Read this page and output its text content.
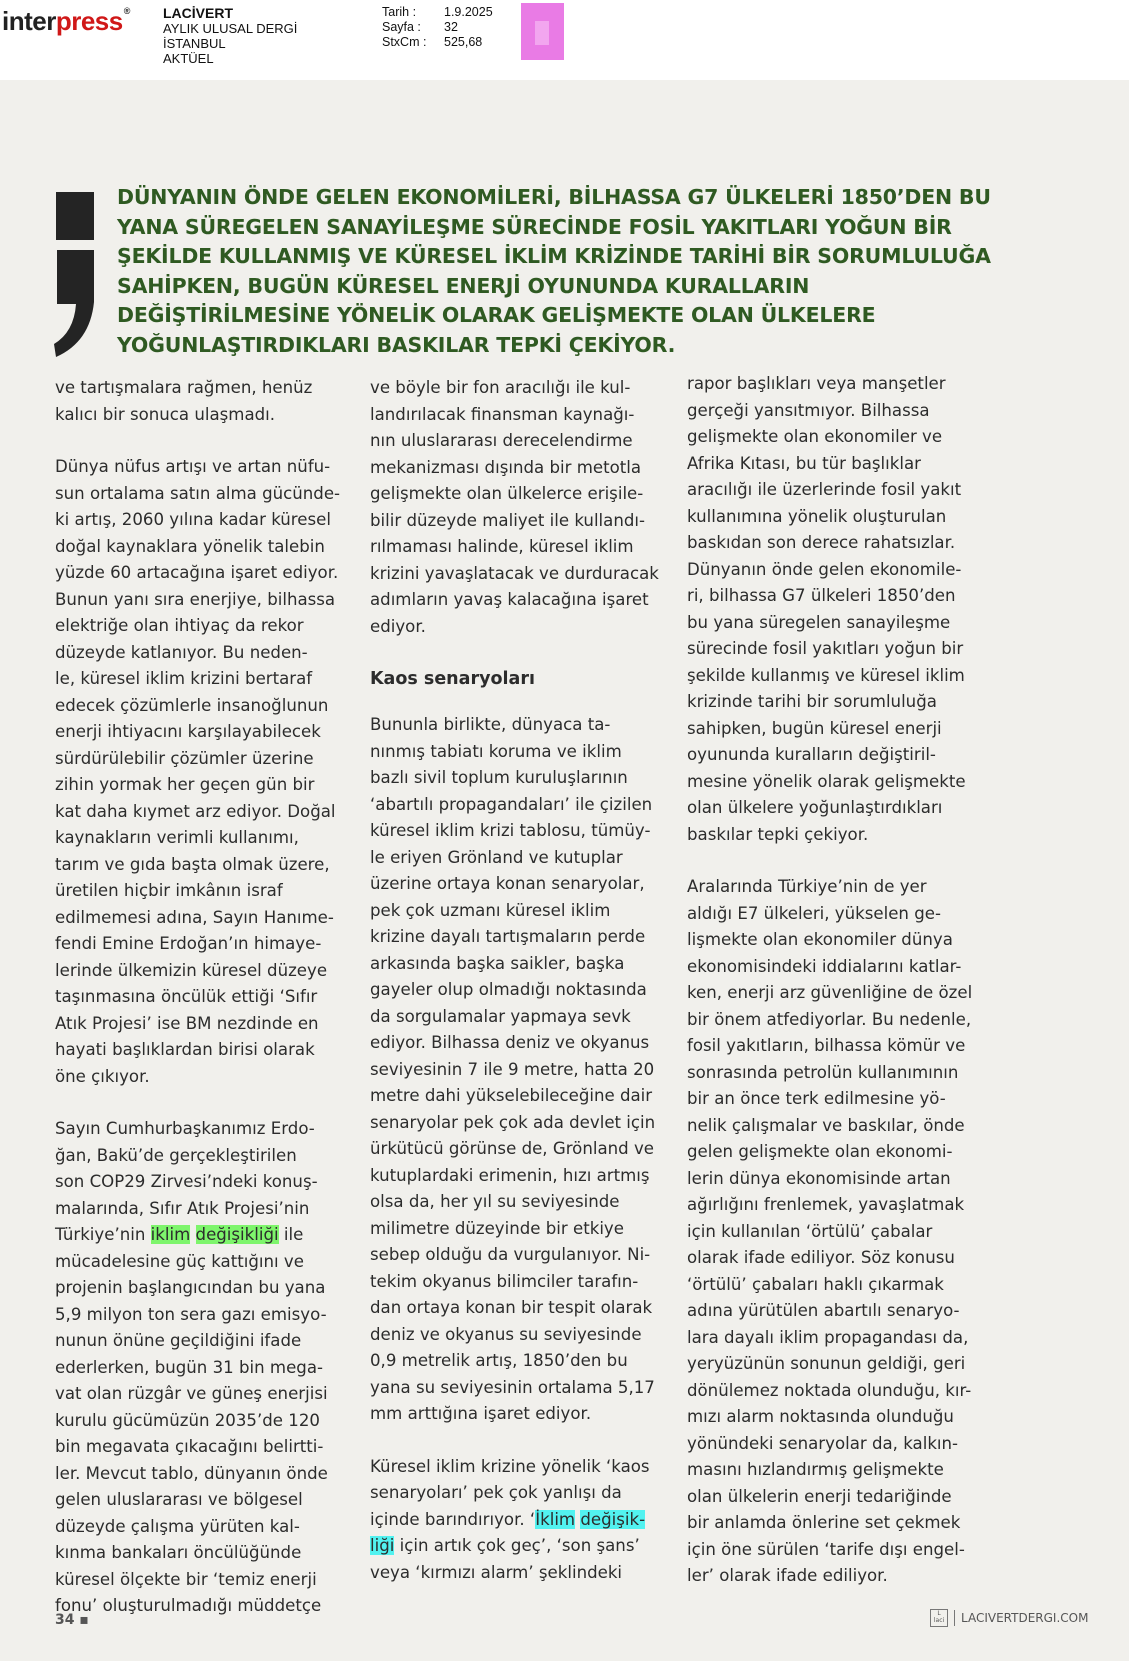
interpress® LACİVERT
AYLIK ULUSAL DERGİ
İSTANBUL
AKTÜEL
Tarih :	1.9.2025
Sayfa :	32
StxCm :	525,68
DÜNYANIN ÖNDE GELEN EKONOMİLERİ, BİLHASSA G7 ÜLKELERİ 1850’DEN BU YANA SÜREGELEN SANAYİLEŞME SÜRECİNDE FOSİL YAKITLARI YOĞUN BİR ŞEKİLDE KULLANMIŞ VE KÜRESEL İKLİM KRİZİNDE TARİHİ BİR SORUMLULUĞA SAHİPKEN, BUGÜN KÜRESEL ENERJİ OYUNUNDA KURALLARIN DEĞİŞTİRİLMESİNE YÖNELİK OLARAK GELİŞMEKTE OLAN ÜLKELERE YOĞUNLAŞTIRDIKLARI BASKILAR TEPKİ ÇEKİYOR.

ve tartışmalara rağmen, henüz
kalıcı bir sonuca ulaşmadı.

Dünya nüfus artışı ve artan nüfu-
sun ortalama satın alma gücünde-
ki artış, 2060 yılına kadar küresel
doğal kaynaklara yönelik talebin
yüzde 60 artacağına işaret ediyor.
Bunun yanı sıra enerjiye, bilhassa
elektriğe olan ihtiyaç da rekor
düzeyde katlanıyor. Bu neden-
le, küresel iklim krizini bertaraf
edecek çözümlerle insanoğlunun
enerji ihtiyacını karşılayabilecek
sürdürülebilir çözümler üzerine
zihin yormak her geçen gün bir
kat daha kıymet arz ediyor. Doğal
kaynakların verimli kullanımı,
tarım ve gıda başta olmak üzere,
üretilen hiçbir imkânın israf
edilmemesi adına, Sayın Hanıme-
fendi Emine Erdoğan’ın himaye-
lerinde ülkemizin küresel düzeye
taşınmasına öncülük ettiği ‘Sıfır
Atık Projesi’ ise BM nezdinde en
hayati başlıklardan birisi olarak
öne çıkıyor.

Sayın Cumhurbaşkanımız Erdo-
ğan, Bakü’de gerçekleştirilen
son COP29 Zirvesi’ndeki konuş-
malarında, Sıfır Atık Projesi’nin
Türkiye’nin iklim değişikliği ile
mücadelesine güç kattığını ve
projenin başlangıcından bu yana
5,9 milyon ton sera gazı emisyo-
nunun önüne geçildiğini ifade
ederlerken, bugün 31 bin mega-
vat olan rüzgâr ve güneş enerjisi
kurulu gücümüzün 2035’de 120
bin megavata çıkacağını belirtti-
ler. Mevcut tablo, dünyanın önde
gelen uluslararası ve bölgesel
düzeyde çalışma yürüten kal-
kınma bankaları öncülüğünde
küresel ölçekte bir ‘temiz enerji
fonu’ oluşturulmadığı müddetçe

ve böyle bir fon aracılığı ile kul-
landırılacak finansman kaynağı-
nın uluslararası derecelendirme
mekanizması dışında bir metotla
gelişmekte olan ülkelerce erişile-
bilir düzeyde maliyet ile kullandı-
rılmaması halinde, küresel iklim
krizini yavaşlatacak ve durduracak
adımların yavaş kalacağına işaret
ediyor.

Kaos senaryoları

Bununla birlikte, dünyaca ta-
nınmış tabiatı koruma ve iklim
bazlı sivil toplum kuruluşlarının
‘abartılı propagandaları’ ile çizilen
küresel iklim krizi tablosu, tümüy-
le eriyen Grönland ve kutuplar
üzerine ortaya konan senaryolar,
pek çok uzmanı küresel iklim
krizine dayalı tartışmaların perde
arkasında başka saikler, başka
gayeler olup olmadığı noktasında
da sorgulamalar yapmaya sevk
ediyor. Bilhassa deniz ve okyanus
seviyesinin 7 ile 9 metre, hatta 20
metre dahi yükselebileceğine dair
senaryolar pek çok ada devlet için
ürkütücü görünse de, Grönland ve
kutuplardaki erimenin, hızı artmış
olsa da, her yıl su seviyesinde
milimetre düzeyinde bir etkiye
sebep olduğu da vurgulanıyor. Ni-
tekim okyanus bilimciler tarafın-
dan ortaya konan bir tespit olarak
deniz ve okyanus su seviyesinde
0,9 metrelik artış, 1850’den bu
yana su seviyesinin ortalama 5,17
mm arttığına işaret ediyor.

Küresel iklim krizine yönelik ‘kaos
senaryoları’ pek çok yanlışı da
içinde barındırıyor. ‘İklim değişik-
liği için artık çok geç’, ‘son şans’
veya ‘kırmızı alarm’ şeklindeki

rapor başlıkları veya manşetler
gerçeği yansıtmıyor. Bilhassa
gelişmekte olan ekonomiler ve
Afrika Kıtası, bu tür başlıklar
aracılığı ile üzerlerinde fosil yakıt
kullanımına yönelik oluşturulan
baskıdan son derece rahatsızlar.
Dünyanın önde gelen ekonomile-
ri, bilhassa G7 ülkeleri 1850’den
bu yana süregelen sanayileşme
sürecinde fosil yakıtları yoğun bir
şekilde kullanmış ve küresel iklim
krizinde tarihi bir sorumluluğa
sahipken, bugün küresel enerji
oyununda kuralların değiştiril-
mesine yönelik olarak gelişmekte
olan ülkelere yoğunlaştırdıkları
baskılar tepki çekiyor.

Aralarında Türkiye’nin de yer
aldığı E7 ülkeleri, yükselen ge-
lişmekte olan ekonomiler dünya
ekonomisindeki iddialarını katlar-
ken, enerji arz güvenliğine de özel
bir önem atfediyorlar. Bu nedenle,
fosil yakıtların, bilhassa kömür ve
sonrasında petrolün kullanımının
bir an önce terk edilmesine yö-
nelik çalışmalar ve baskılar, önde
gelen gelişmekte olan ekonomi-
lerin dünya ekonomisinde artan
ağırlığını frenlemek, yavaşlatmak
için kullanılan ‘örtülü’ çabalar
olarak ifade ediliyor. Söz konusu
‘örtülü’ çabaları haklı çıkarmak
adına yürütülen abartılı senaryo-
lara dayalı iklim propagandası da,
yeryüzünün sonunun geldiği, geri
dönülemez noktada olunduğu, kır-
mızı alarm noktasında olunduğu
yönündeki senaryolar da, kalkın-
masını hızlandırmış gelişmekte
olan ülkelerin enerji tedariğinde
bir anlamda önlerine set çekmek
için öne sürülen ‘tarife dışı engel-
ler’ olarak ifade ediliyor.

34 ▪	L
laci	LACIVERTDERGI.COM
